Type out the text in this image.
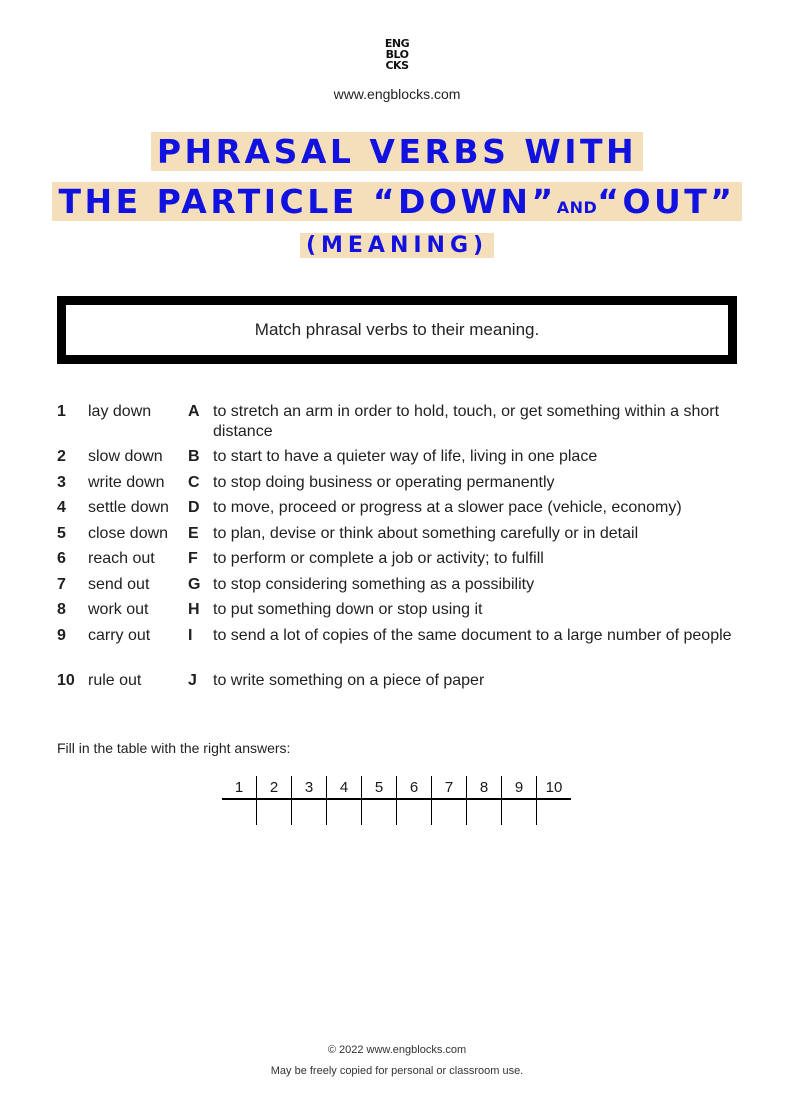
ENG
BLO
CKS
www.engblocks.com
PHRASAL VERBS WITH
THE PARTICLE “DOWN”AND“OUT”
(MEANING)
Match phrasal verbs to their meaning.
1 lay down A to stretch an arm in order to hold, touch, or get something within a short distance
2 slow down B to start to have a quieter way of life, living in one place
3 write down C to stop doing business or operating permanently
4 settle down D to move, proceed or progress at a slower pace (vehicle, economy)
5 close down E to plan, devise or think about something carefully or in detail
6 reach out F to perform or complete a job or activity; to fulfill
7 send out G to stop considering something as a possibility
8 work out H to put something down or stop using it
9 carry out I to send a lot of copies of the same document to a large number of people
10 rule out	J to write something on a piece of paper
Fill in the table with the right answers:
1	2	3	4	5	6	7	8	9	10

© 2022 www.engblocks.com
May be freely copied for personal or classroom use.
